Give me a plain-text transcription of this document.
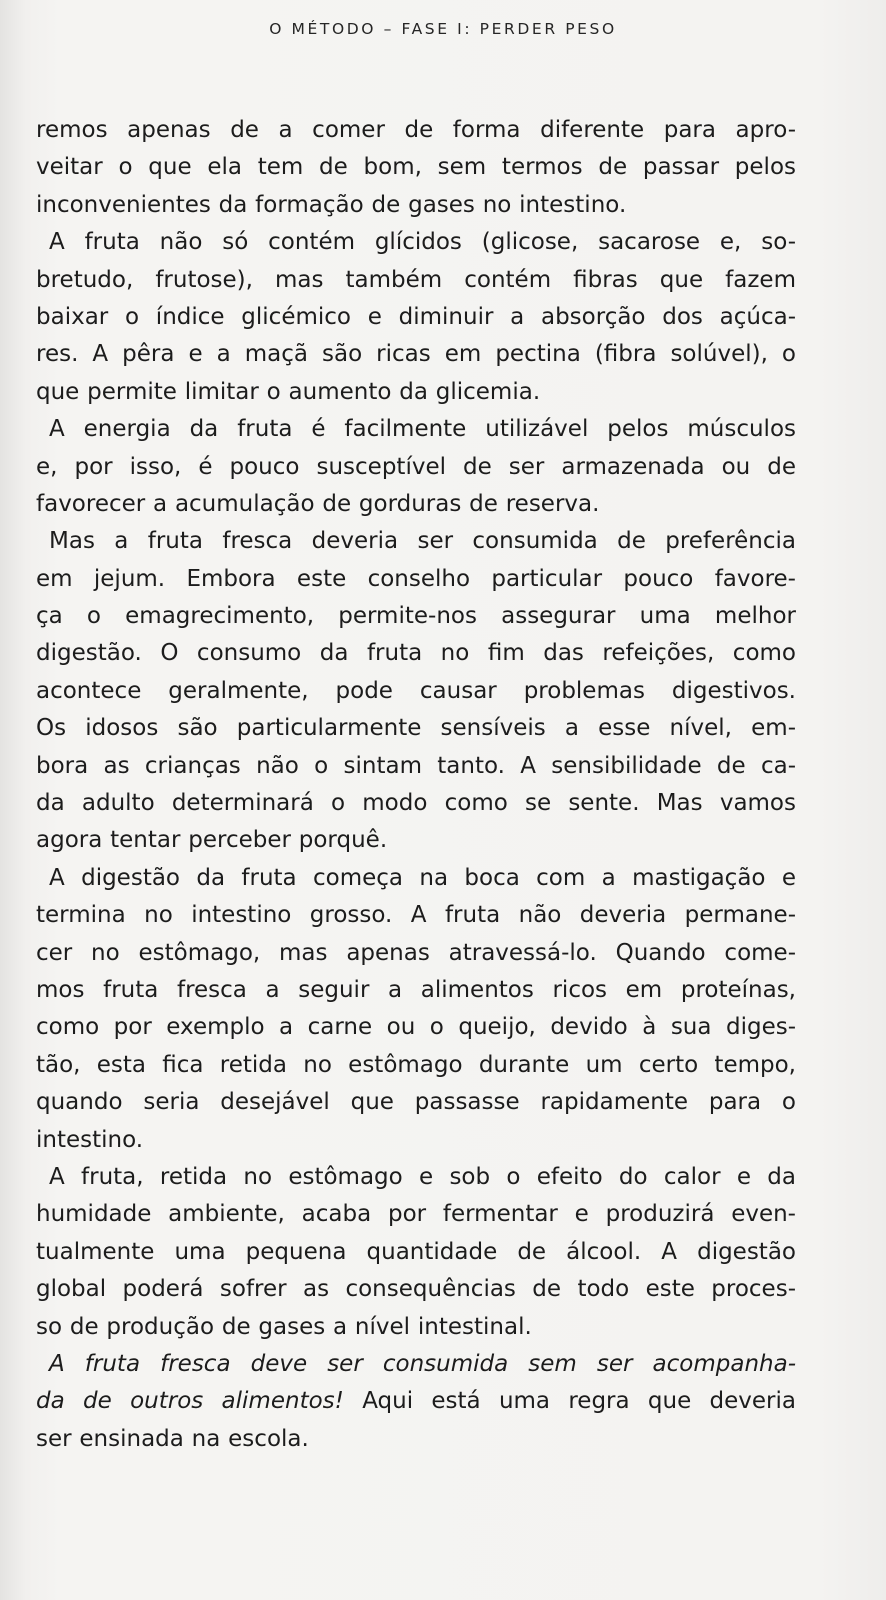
O MÉTODO – FASE I: PERDER PESO
remos apenas de a comer de forma diferente para apro-
veitar o que ela tem de bom, sem termos de passar pelos
inconvenientes da formação de gases no intestino.
A fruta não só contém glícidos (glicose, sacarose e, so-
bretudo, frutose), mas também contém fibras que fazem
baixar o índice glicémico e diminuir a absorção dos açúca-
res. A pêra e a maçã são ricas em pectina (fibra solúvel), o
que permite limitar o aumento da glicemia.
A energia da fruta é facilmente utilizável pelos músculos
e, por isso, é pouco susceptível de ser armazenada ou de
favorecer a acumulação de gorduras de reserva.
Mas a fruta fresca deveria ser consumida de preferência
em jejum. Embora este conselho particular pouco favore-
ça o emagrecimento, permite-nos assegurar uma melhor
digestão. O consumo da fruta no fim das refeições, como
acontece geralmente, pode causar problemas digestivos.
Os idosos são particularmente sensíveis a esse nível, em-
bora as crianças não o sintam tanto. A sensibilidade de ca-
da adulto determinará o modo como se sente. Mas vamos
agora tentar perceber porquê.
A digestão da fruta começa na boca com a mastigação e
termina no intestino grosso. A fruta não deveria permane-
cer no estômago, mas apenas atravessá-lo. Quando come-
mos fruta fresca a seguir a alimentos ricos em proteínas,
como por exemplo a carne ou o queijo, devido à sua diges-
tão, esta fica retida no estômago durante um certo tempo,
quando seria desejável que passasse rapidamente para o
intestino.
A fruta, retida no estômago e sob o efeito do calor e da
humidade ambiente, acaba por fermentar e produzirá even-
tualmente uma pequena quantidade de álcool. A digestão
global poderá sofrer as consequências de todo este proces-
so de produção de gases a nível intestinal.
A fruta fresca deve ser consumida sem ser acompanha-
da de outros alimentos! Aqui está uma regra que deveria
ser ensinada na escola.
